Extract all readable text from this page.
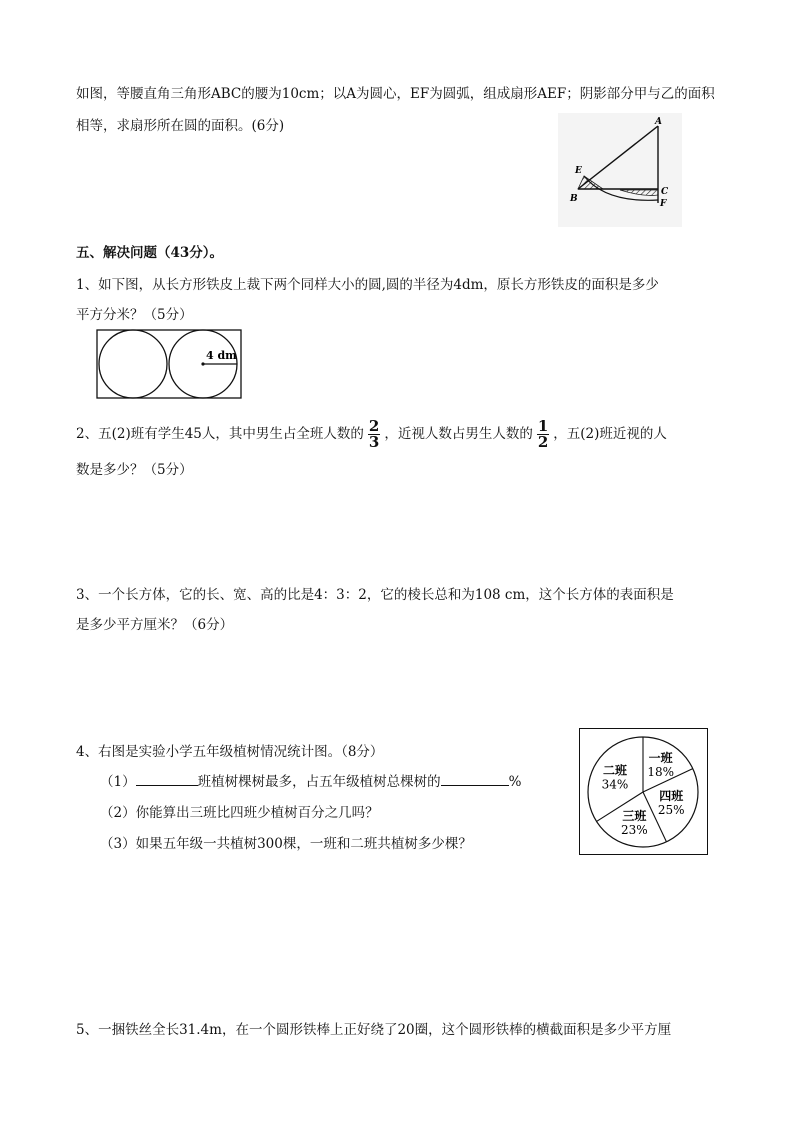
如图，等腰直角三角形ABC的腰为10cm；以A为圆心，EF为圆弧，组成扇形AEF；阴影部分甲与乙的面积
相等，求扇形所在圆的面积。(6分)	A
E
B
C
F
五、解决问题（43分）。
1、如下图，从长方形铁皮上裁下两个同样大小的圆,圆的半径为4dm，原长方形铁皮的面积是多少
平方分米？（5分）
4 dm
2、五(2)班有学生45人，其中男生占全班人数的 $\frac{2}{3}$ ，近视人数占男生人数的 $\frac{1}{2}$ ，五(2)班近视的人
数是多少？（5分）
3、一个长方体，它的长、宽、高的比是4：3：2，它的棱长总和为108 cm，这个长方体的表面积是
是多少平方厘米？（6分）
4、右图是实验小学五年级植树情况统计图。（8分）
（1）	班植树棵树最多，占五年级植树总棵树的	%
（2）你能算出三班比四班少植树百分之几吗？
（3）如果五年级一共植树300棵，一班和二班共植树多少棵？
一班
18%
四班
25%
三班
23%
二班
34%
5、一捆铁丝全长31.4m，在一个圆形铁棒上正好绕了20圈，这个圆形铁棒的横截面积是多少平方厘
